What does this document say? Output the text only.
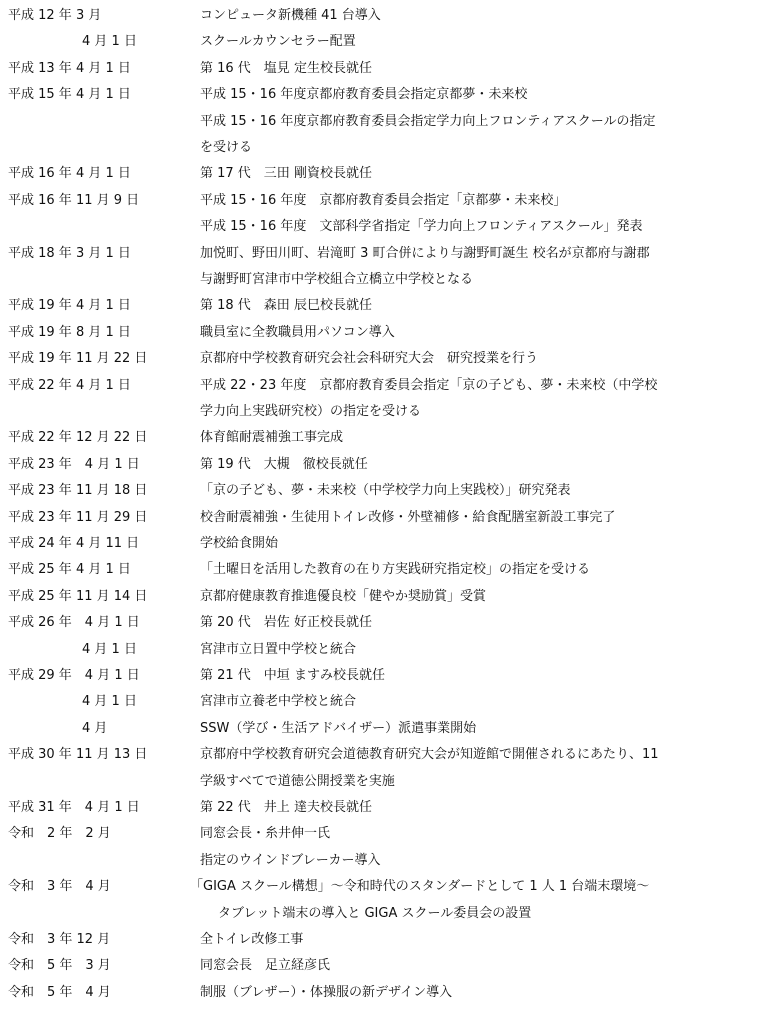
平成 12 年 3 月	コンピュータ新機種 41 台導入
4 月 1 日	スクールカウンセラー配置
平成 13 年 4 月 1 日	第 16 代　塩見 定生校長就任
平成 15 年 4 月 1 日	平成 15・16 年度京都府教育委員会指定京都夢・未来校
平成 15・16 年度京都府教育委員会指定学力向上フロンティアスクールの指定
を受ける
平成 16 年 4 月 1 日	第 17 代　三田 剛資校長就任
平成 16 年 11 月 9 日	平成 15・16 年度　京都府教育委員会指定「京都夢・未来校」
平成 15・16 年度　文部科学省指定「学力向上フロンティアスクール」発表
平成 18 年 3 月 1 日	加悦町、野田川町、岩滝町 3 町合併により与謝野町誕生 校名が京都府与謝郡
与謝野町宮津市中学校組合立橋立中学校となる
平成 19 年 4 月 1 日	第 18 代　森田 辰巳校長就任
平成 19 年 8 月 1 日	職員室に全教職員用パソコン導入
平成 19 年 11 月 22 日	京都府中学校教育研究会社会科研究大会　研究授業を行う
平成 22 年 4 月 1 日	平成 22・23 年度　京都府教育委員会指定「京の子ども、夢・未来校（中学校
学力向上実践研究校）の指定を受ける
平成 22 年 12 月 22 日	体育館耐震補強工事完成
平成 23 年　4 月 1 日	第 19 代　大槻　徹校長就任
平成 23 年 11 月 18 日	「京の子ども、夢・未来校（中学校学力向上実践校）」研究発表
平成 23 年 11 月 29 日	校舎耐震補強・生徒用トイレ改修・外壁補修・給食配膳室新設工事完了
平成 24 年 4 月 11 日	学校給食開始
平成 25 年 4 月 1 日	「土曜日を活用した教育の在り方実践研究指定校」の指定を受ける
平成 25 年 11 月 14 日	京都府健康教育推進優良校「健やか奨励賞」受賞
平成 26 年　4 月 1 日	第 20 代　岩佐 好正校長就任
4 月 1 日	宮津市立日置中学校と統合
平成 29 年　4 月 1 日	第 21 代　中垣 ますみ校長就任
4 月 1 日	宮津市立養老中学校と統合
4 月	SSW（学び・生活アドバイザー）派遣事業開始
平成 30 年 11 月 13 日	京都府中学校教育研究会道徳教育研究大会が知遊館で開催されるにあたり、11
学級すべてで道徳公開授業を実施
平成 31 年　4 月 1 日	第 22 代　井上 達夫校長就任
令和　2 年　2 月	同窓会長・糸井伸一氏
指定のウインドブレーカー導入
令和　3 年　4 月	「GIGA スクール構想」～令和時代のスタンダードとして 1 人 1 台端末環境～
タブレット端末の導入と GIGA スクール委員会の設置
令和　3 年 12 月	全トイレ改修工事
令和　5 年　3 月	同窓会長　足立経彦氏
令和　5 年　4 月	制服（ブレザー）・体操服の新デザイン導入
